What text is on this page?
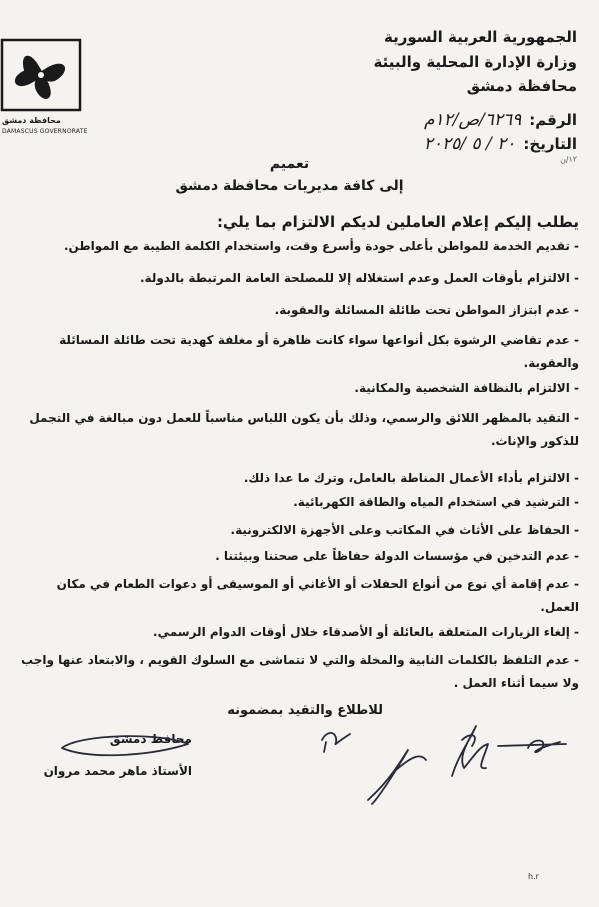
محافظة دمشق
DAMASCUS GOVERNORATE
الجمهورية العربية السورية
وزارة الإدارة المحلية والبيئة
محافظة دمشق
الرقم:
٦٢٦٩/ص/١٢م
التاريخ:
٢٠ / ٥ /٢٠٢٥
١٢/ن
تعميم
إلى كافة مديريات محافظة دمشق
يطلب إليكم إعلام العاملين لديكم الالتزام بما يلي:
- تقديم الخدمة للمواطن بأعلى جودة وأسرع وقت، واستخدام الكلمة الطيبة مع المواطن.
- الالتزام بأوقات العمل وعدم استغلاله إلا للمصلحة العامة المرتبطة بالدولة.
- عدم ابتزاز المواطن تحت طائلة المسائلة والعقوبة.
- عدم تقاضي الرشوة بكل أنواعها سواء كانت ظاهرة أو مغلفة كهدية تحت طائلة المسائلة
والعقوبة.
- الالتزام بالنظافة الشخصية والمكانية.
- التقيد بالمظهر اللائق والرسمي، وذلك بأن يكون اللباس مناسباً للعمل دون مبالغة في التجمل
للذكور والإناث.
- الالتزام بأداء الأعمال المناطة بالعامل، وترك ما عدا ذلك.
- الترشيد في استخدام المياه والطاقة الكهربائية.
- الحفاظ على الأثاث في المكاتب وعلى الأجهزة الالكترونية.
- عدم التدخين في مؤسسات الدولة حفاظاً على صحتنا وبيئتنا .
- عدم إقامة أي نوع من أنواع الحفلات أو الأغاني أو الموسيقى أو دعوات الطعام في مكان
العمل.
- إلغاء الزيارات المتعلقة بالعائلة أو الأصدقاء خلال أوقات الدوام الرسمي.
- عدم التلفظ بالكلمات النابية والمخلة والتي لا تتماشى مع السلوك القويم ، والابتعاد عنها واجب
ولا سيما أثناء العمل .
للاطلاع والتقيد بمضمونه
محافظ دمشق
الأستاذ ماهر محمد مروان
h.r
